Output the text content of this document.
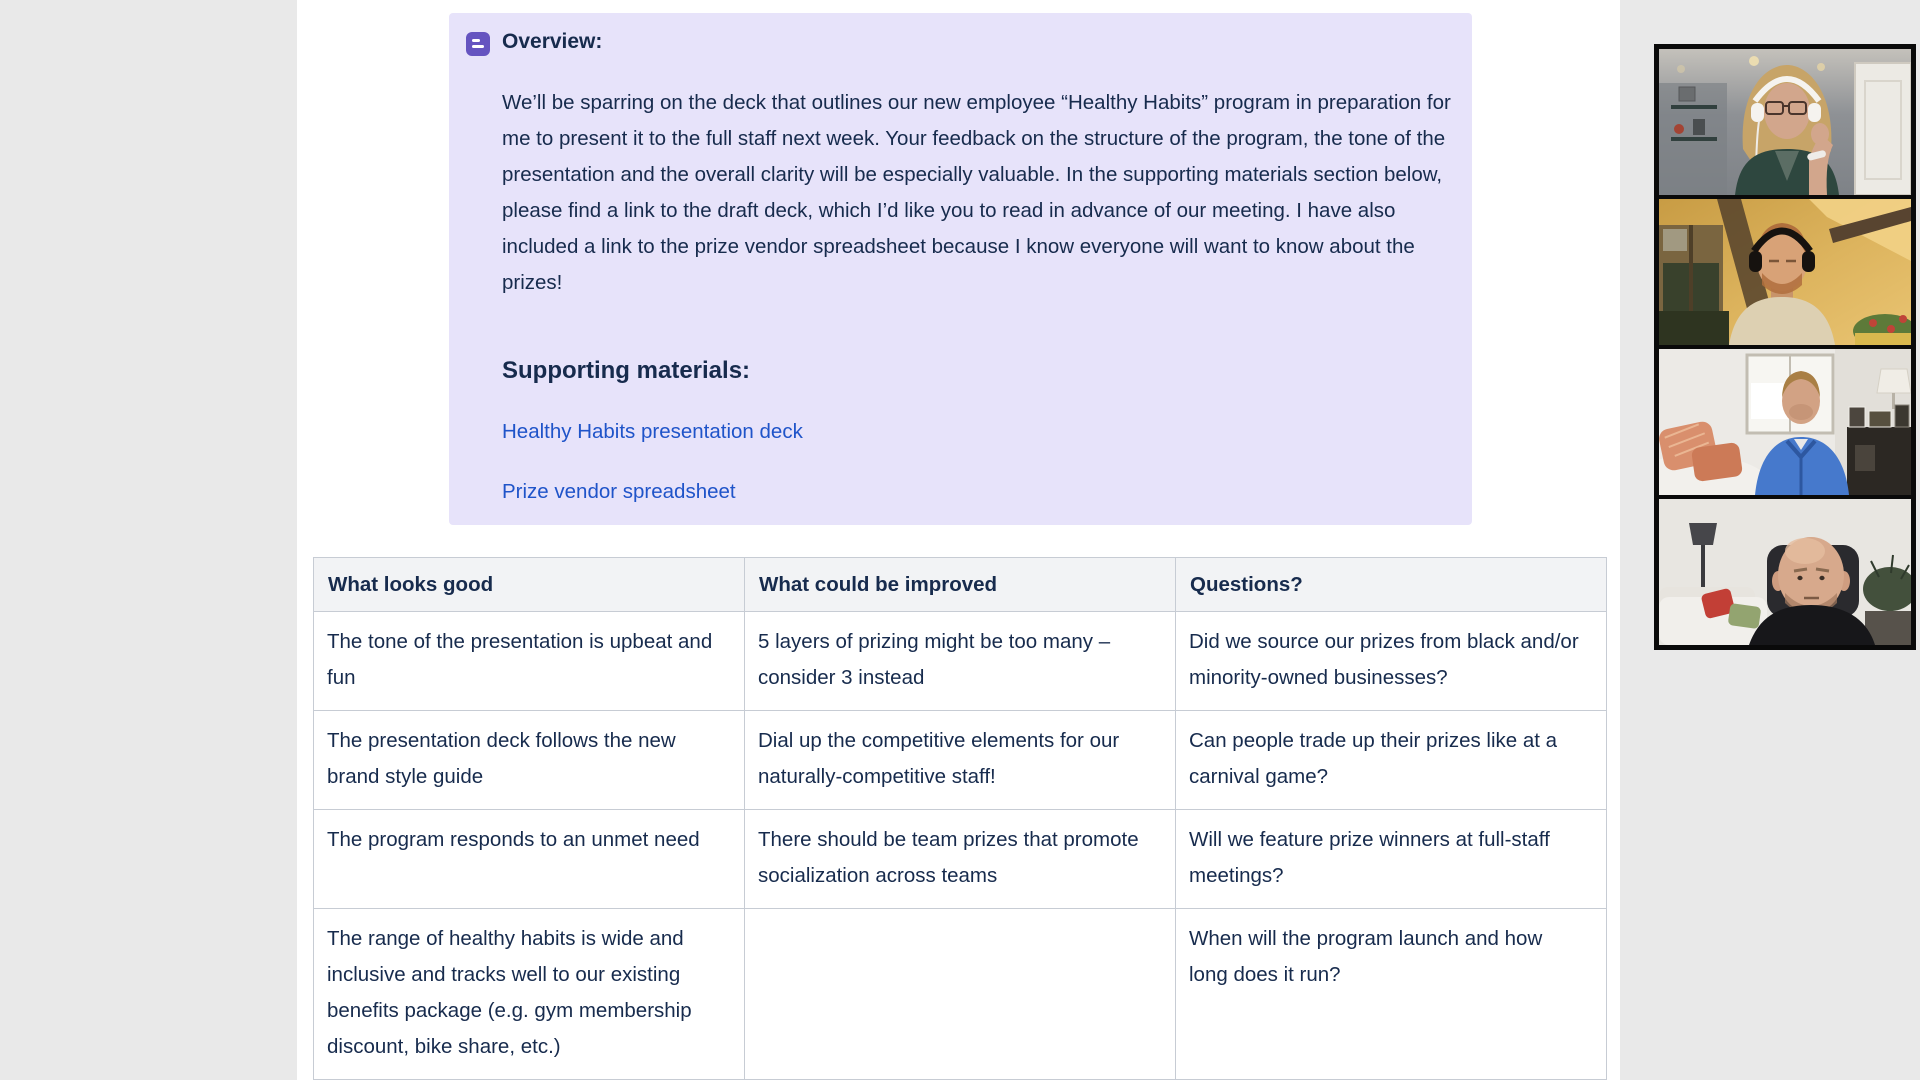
Overview:
We’ll be sparring on the deck that outlines our new employee “Healthy Habits” program in preparation for me to present it to the full staff next week. Your feedback on the structure of the program, the tone of the presentation and the overall clarity will be especially valuable. In the supporting materials section below, please find a link to the draft deck, which I’d like you to read in advance of our meeting. I have also included a link to the prize vendor spreadsheet because I know everyone will want to know about the prizes!
Supporting materials:
Healthy Habits presentation deck
Prize vendor spreadsheet
What looks good	What could be improved	Questions?
The tone of the presentation is upbeat and fun	5 layers of prizing might be too many – consider 3 instead	Did we source our prizes from black and/or minority-owned businesses?
The presentation deck follows the new brand style guide	Dial up the competitive elements for our naturally-competitive staff!	Can people trade up their prizes like at a carnival game?
The program responds to an unmet need	There should be team prizes that promote socialization across teams	Will we feature prize winners at full-staff meetings?
The range of healthy habits is wide and inclusive and tracks well to our existing benefits package (e.g. gym membership discount, bike share, etc.)		When will the program launch and how long does it run?
